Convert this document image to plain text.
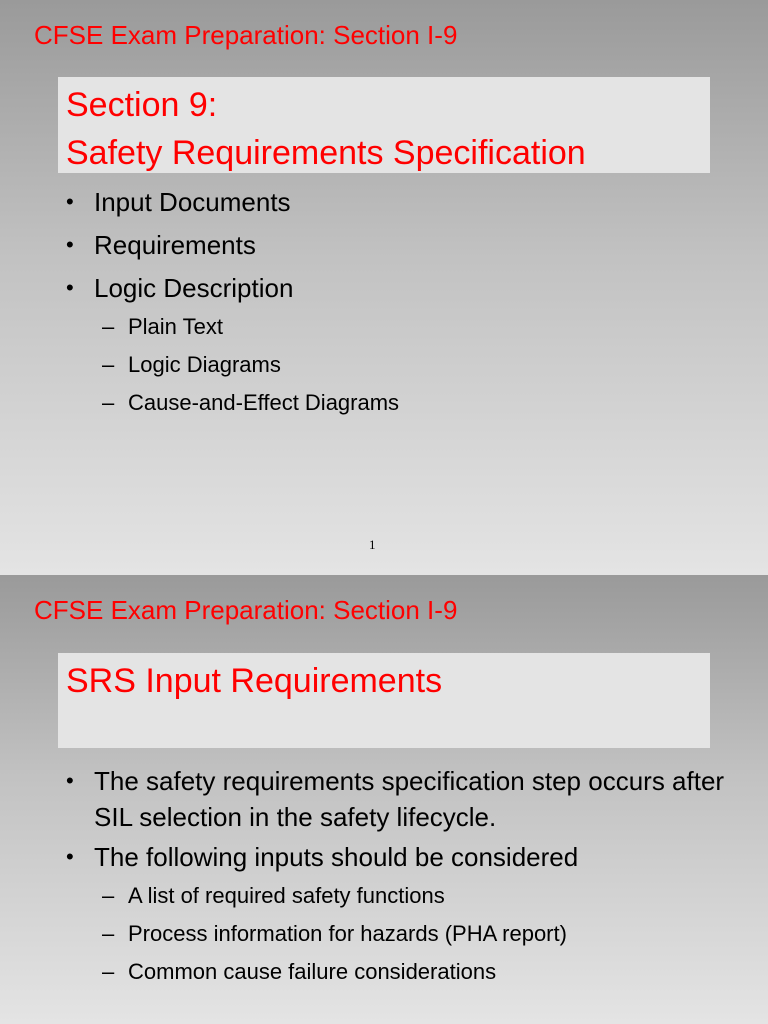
CFSE Exam Preparation: Section I-9
Section 9:
Safety Requirements Specification
• Input Documents
• Requirements
• Logic Description
– Plain Text
– Logic Diagrams
– Cause-and-Effect Diagrams
1
CFSE Exam Preparation: Section I-9
SRS Input Requirements
• The safety requirements specification step occurs after SIL selection in the safety lifecycle.
• The following inputs should be considered
– A list of required safety functions
– Process information for hazards (PHA report)
– Common cause failure considerations
